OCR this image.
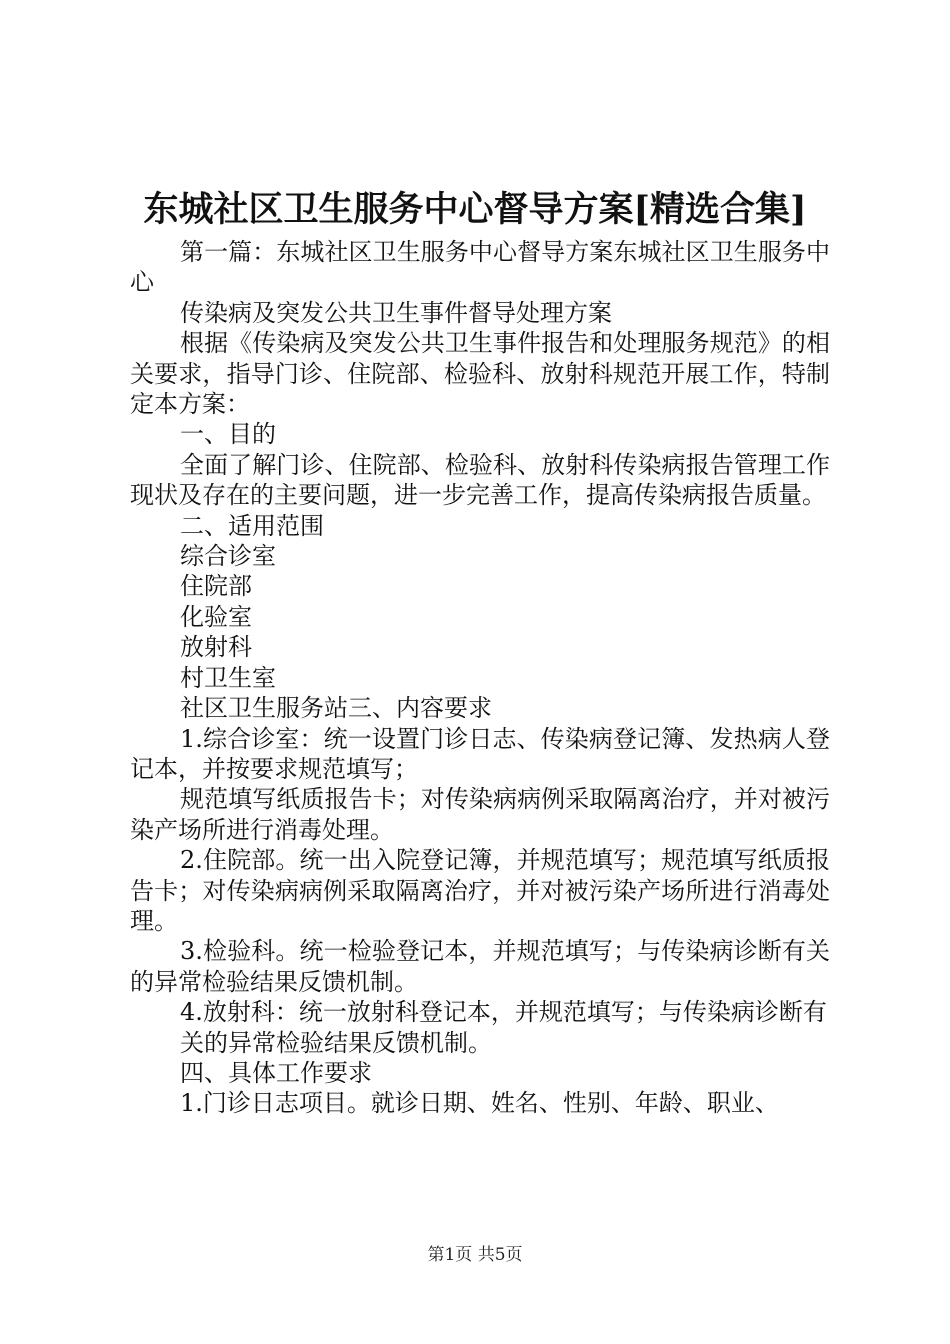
东城社区卫生服务中心督导方案[精选合集]

第一篇：东城社区卫生服务中心督导方案东城社区卫生服务中心

传染病及突发公共卫生事件督导处理方案

根据《传染病及突发公共卫生事件报告和处理服务规范》的相关要求，指导门诊、住院部、检验科、放射科规范开展工作，特制定本方案：

一、目的

全面了解门诊、住院部、检验科、放射科传染病报告管理工作现状及存在的主要问题，进一步完善工作，提高传染病报告质量。

二、适用范围

综合诊室

住院部

化验室

放射科

村卫生室

社区卫生服务站三、内容要求

1.综合诊室：统一设置门诊日志、传染病登记簿、发热病人登记本，并按要求规范填写；

规范填写纸质报告卡；对传染病病例采取隔离治疗，并对被污染产场所进行消毒处理。

2.住院部。统一出入院登记簿，并规范填写；规范填写纸质报告卡；对传染病病例采取隔离治疗，并对被污染产场所进行消毒处理。

3.检验科。统一检验登记本，并规范填写；与传染病诊断有关的异常检验结果反馈机制。

4.放射科：统一放射科登记本，并规范填写；与传染病诊断有

关的异常检验结果反馈机制。

四、具体工作要求

1.门诊日志项目。就诊日期、姓名、性别、年龄、职业、

第1页 共5页
